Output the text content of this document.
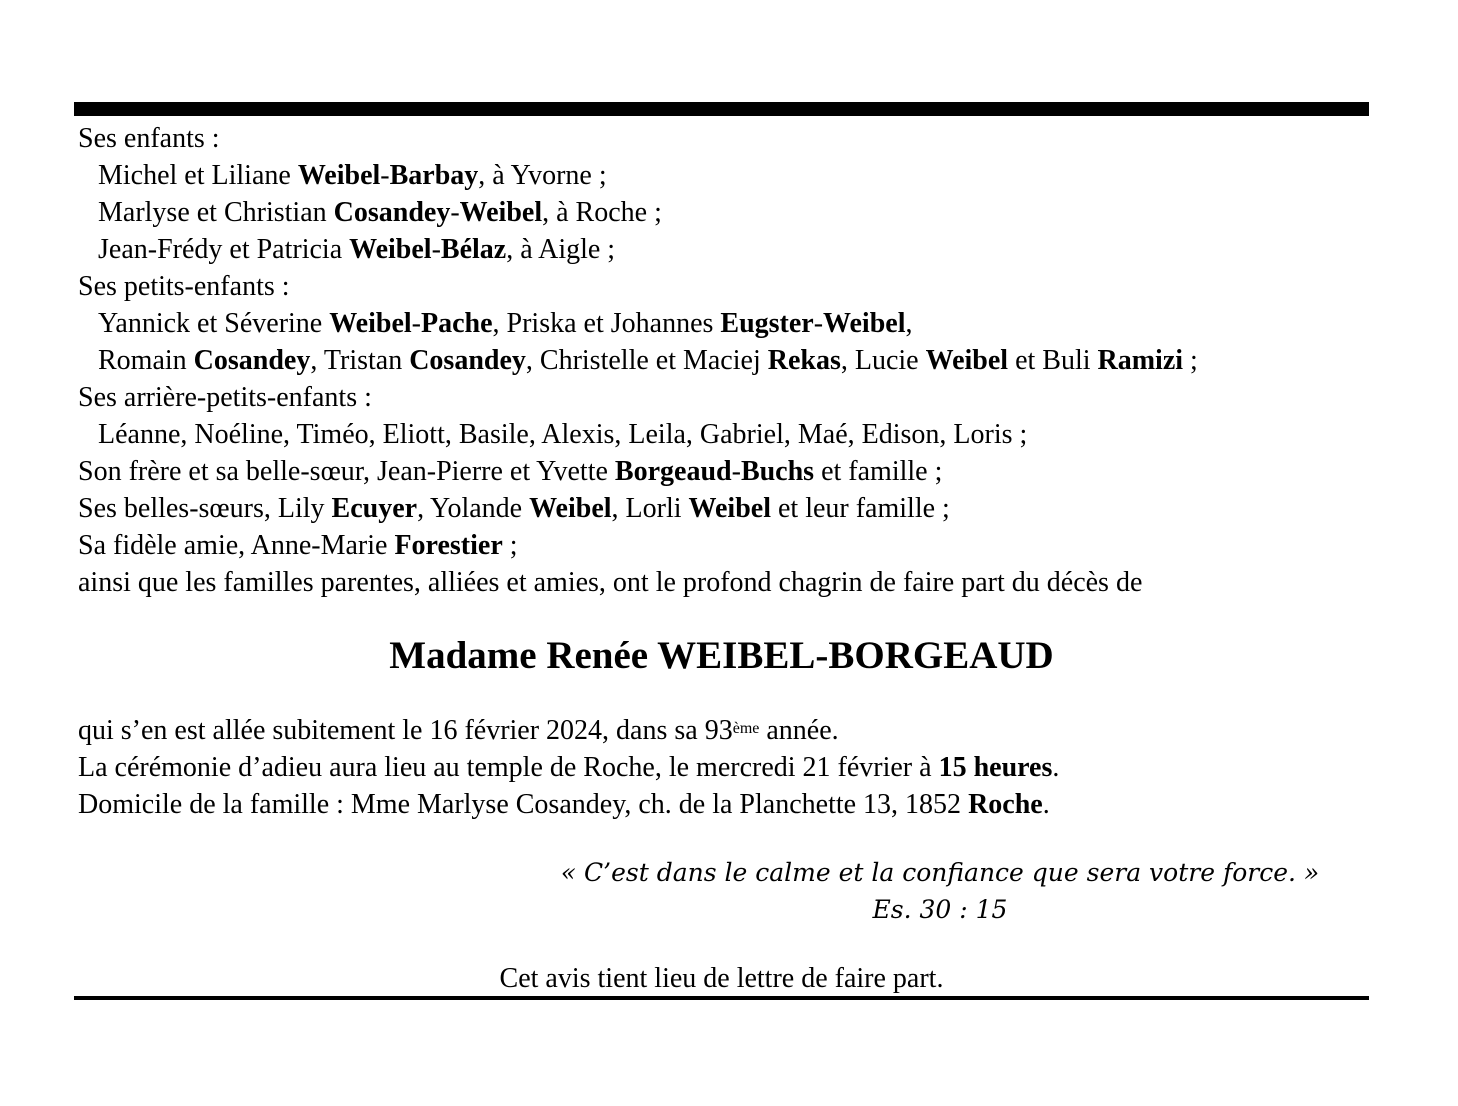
Ses enfants :
Michel et Liliane Weibel-Barbay, à Yvorne ;
Marlyse et Christian Cosandey-Weibel, à Roche ;
Jean-Frédy et Patricia Weibel-Bélaz, à Aigle ;
Ses petits-enfants :
Yannick et Séverine Weibel-Pache, Priska et Johannes Eugster-Weibel,
Romain Cosandey, Tristan Cosandey, Christelle et Maciej Rekas, Lucie Weibel et Buli Ramizi ;
Ses arrière-petits-enfants :
Léanne, Noéline, Timéo, Eliott, Basile, Alexis, Leila, Gabriel, Maé, Edison, Loris ;
Son frère et sa belle-sœur, Jean-Pierre et Yvette Borgeaud-Buchs et famille ;
Ses belles-sœurs, Lily Ecuyer, Yolande Weibel, Lorli Weibel et leur famille ;
Sa fidèle amie, Anne-Marie Forestier ;
ainsi que les familles parentes, alliées et amies, ont le profond chagrin de faire part du décès de
Madame Renée WEIBEL-BORGEAUD
qui s’en est allée subitement le 16 février 2024, dans sa 93ème année.
La cérémonie d’adieu aura lieu au temple de Roche, le mercredi 21 février à 15 heures.
Domicile de la famille : Mme Marlyse Cosandey, ch. de la Planchette 13, 1852 Roche.
« C’est dans le calme et la confiance que sera votre force. »
Es. 30 : 15
Cet avis tient lieu de lettre de faire part.
